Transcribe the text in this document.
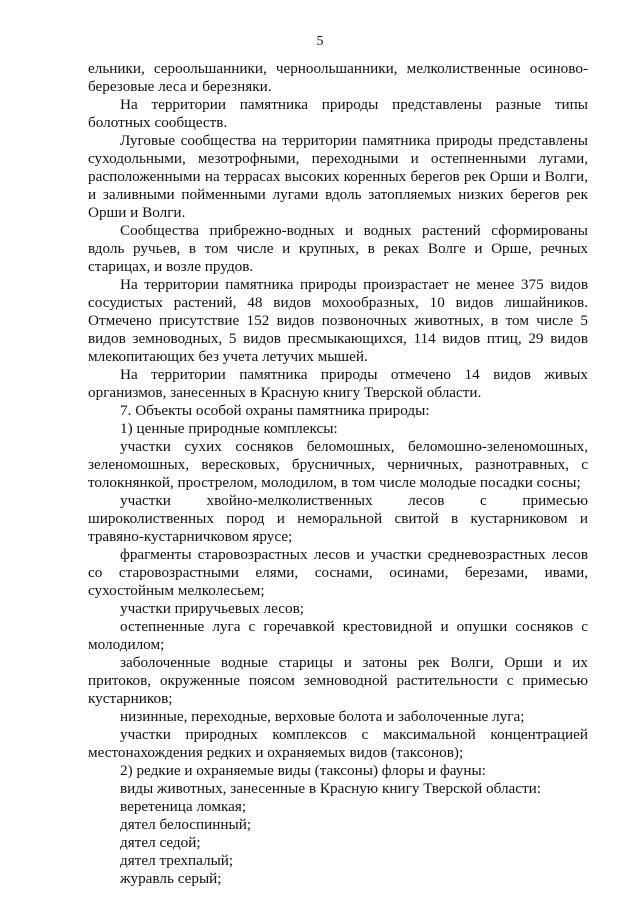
5

ельники, сероольшанники, черноольшанники, мелколиственные осиново-березовые леса и березняки.

На территории памятника природы представлены разные типы болотных сообществ.

Луговые сообщества на территории памятника природы представлены суходольными, мезотрофными, переходными и остепненными лугами, расположенными на террасах высоких коренных берегов рек Орши и Волги, и заливными пойменными лугами вдоль затопляемых низких берегов рек Орши и Волги.

Сообщества прибрежно-водных и водных растений сформированы вдоль ручьев, в том числе и крупных, в реках Волге и Орше, речных старицах, и возле прудов.

На территории памятника природы произрастает не менее 375 видов сосудистых растений, 48 видов мохообразных, 10 видов лишайников. Отмечено присутствие 152 видов позвоночных животных, в том числе 5 видов земноводных, 5 видов пресмыкающихся, 114 видов птиц, 29 видов млекопитающих без учета летучих мышей.

На территории памятника природы отмечено 14 видов живых организмов, занесенных в Красную книгу Тверской области.

7. Объекты особой охраны памятника природы:

1) ценные природные комплексы:

участки сухих сосняков беломошных, беломошно-зеленомошных, зеленомошных, вересковых, брусничных, черничных, разнотравных, с толокнянкой, прострелом, молодилом, в том числе молодые посадки сосны;

участки хвойно-мелколиственных лесов с примесью широколиственных пород и неморальной свитой в кустарниковом и травяно-кустарничковом ярусе;

фрагменты старовозрастных лесов и участки средневозрастных лесов со старовозрастными елями, соснами, осинами, березами, ивами, сухостойным мелколесьем;

участки приручьевых лесов;

остепненные луга с горечавкой крестовидной и опушки сосняков с молодилом;

заболоченные водные старицы и затоны рек Волги, Орши и их притоков, окруженные поясом земноводной растительности с примесью кустарников;

низинные, переходные, верховые болота и заболоченные луга;

участки природных комплексов с максимальной концентрацией местонахождения редких и охраняемых видов (таксонов);

2) редкие и охраняемые виды (таксоны) флоры и фауны:

виды животных, занесенные в Красную книгу Тверской области:

веретеница ломкая;

дятел белоспинный;

дятел седой;

дятел трехпалый;

журавль серый;
